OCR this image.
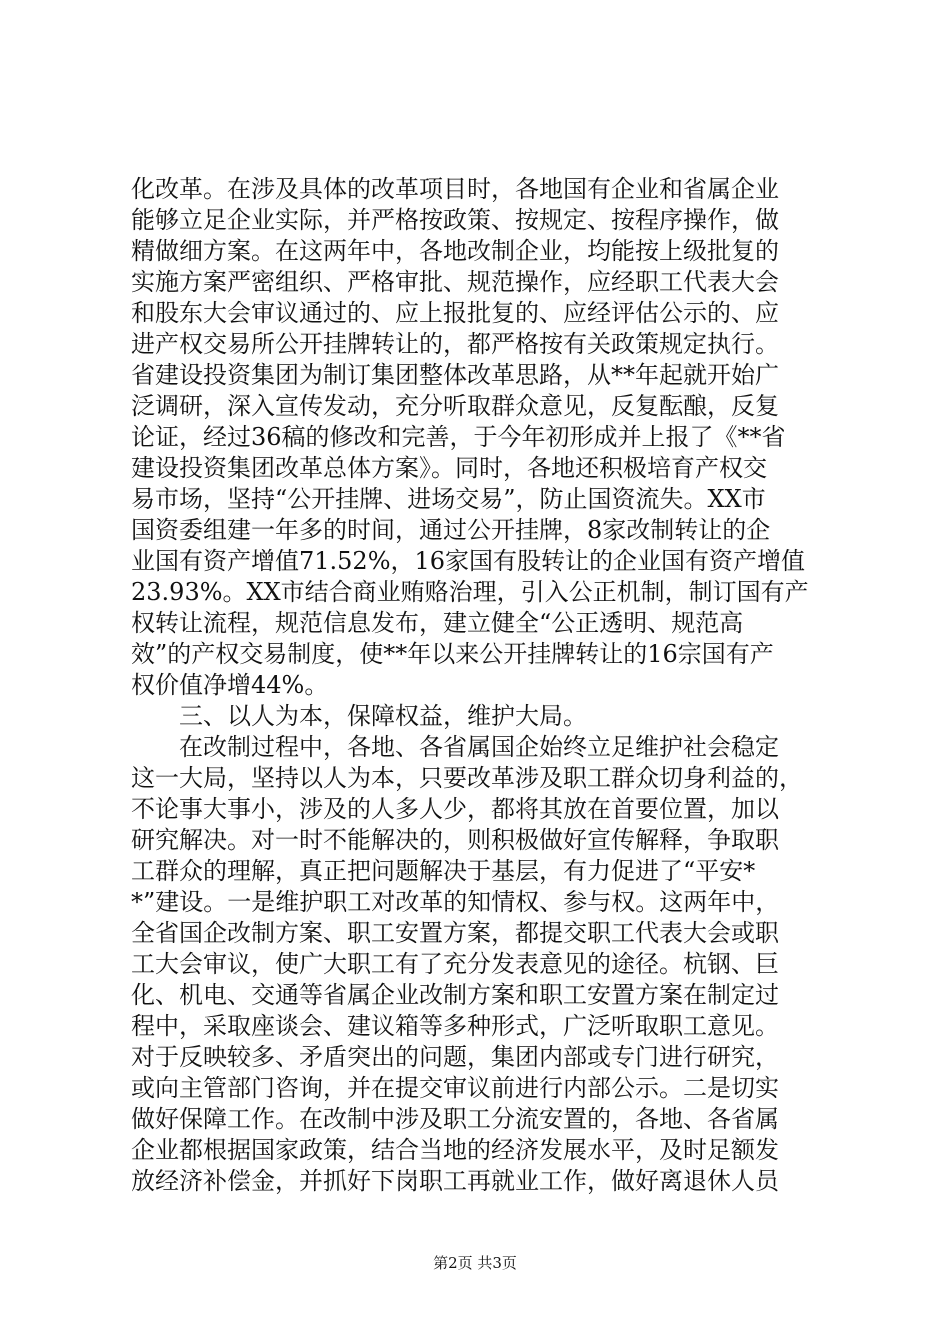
化改革。在涉及具体的改革项目时，各地国有企业和省属企业
能够立足企业实际，并严格按政策、按规定、按程序操作，做
精做细方案。在这两年中，各地改制企业，均能按上级批复的
实施方案严密组织、严格审批、规范操作，应经职工代表大会
和股东大会审议通过的、应上报批复的、应经评估公示的、应
进产权交易所公开挂牌转让的，都严格按有关政策规定执行。
省建设投资集团为制订集团整体改革思路，从**年起就开始广
泛调研，深入宣传发动，充分听取群众意见，反复酝酿，反复
论证，经过36稿的修改和完善，于今年初形成并上报了《**省
建设投资集团改革总体方案》。同时，各地还积极培育产权交
易市场，坚持“公开挂牌、进场交易”，防止国资流失。XX市
国资委组建一年多的时间，通过公开挂牌，8家改制转让的企
业国有资产增值71.52%，16家国有股转让的企业国有资产增值
23.93%。XX市结合商业贿赂治理，引入公正机制，制订国有产
权转让流程，规范信息发布，建立健全“公正透明、规范高
效”的产权交易制度，使**年以来公开挂牌转让的16宗国有产
权价值净增44%。
三、以人为本，保障权益，维护大局。
在改制过程中，各地、各省属国企始终立足维护社会稳定
这一大局，坚持以人为本，只要改革涉及职工群众切身利益的，
不论事大事小，涉及的人多人少，都将其放在首要位置，加以
研究解决。对一时不能解决的，则积极做好宣传解释，争取职
工群众的理解，真正把问题解决于基层，有力促进了“平安*
*”建设。一是维护职工对改革的知情权、参与权。这两年中，
全省国企改制方案、职工安置方案，都提交职工代表大会或职
工大会审议，使广大职工有了充分发表意见的途径。杭钢、巨
化、机电、交通等省属企业改制方案和职工安置方案在制定过
程中，采取座谈会、建议箱等多种形式，广泛听取职工意见。
对于反映较多、矛盾突出的问题，集团内部或专门进行研究，
或向主管部门咨询，并在提交审议前进行内部公示。二是切实
做好保障工作。在改制中涉及职工分流安置的，各地、各省属
企业都根据国家政策，结合当地的经济发展水平，及时足额发
放经济补偿金，并抓好下岗职工再就业工作，做好离退休人员
第2页 共3页
